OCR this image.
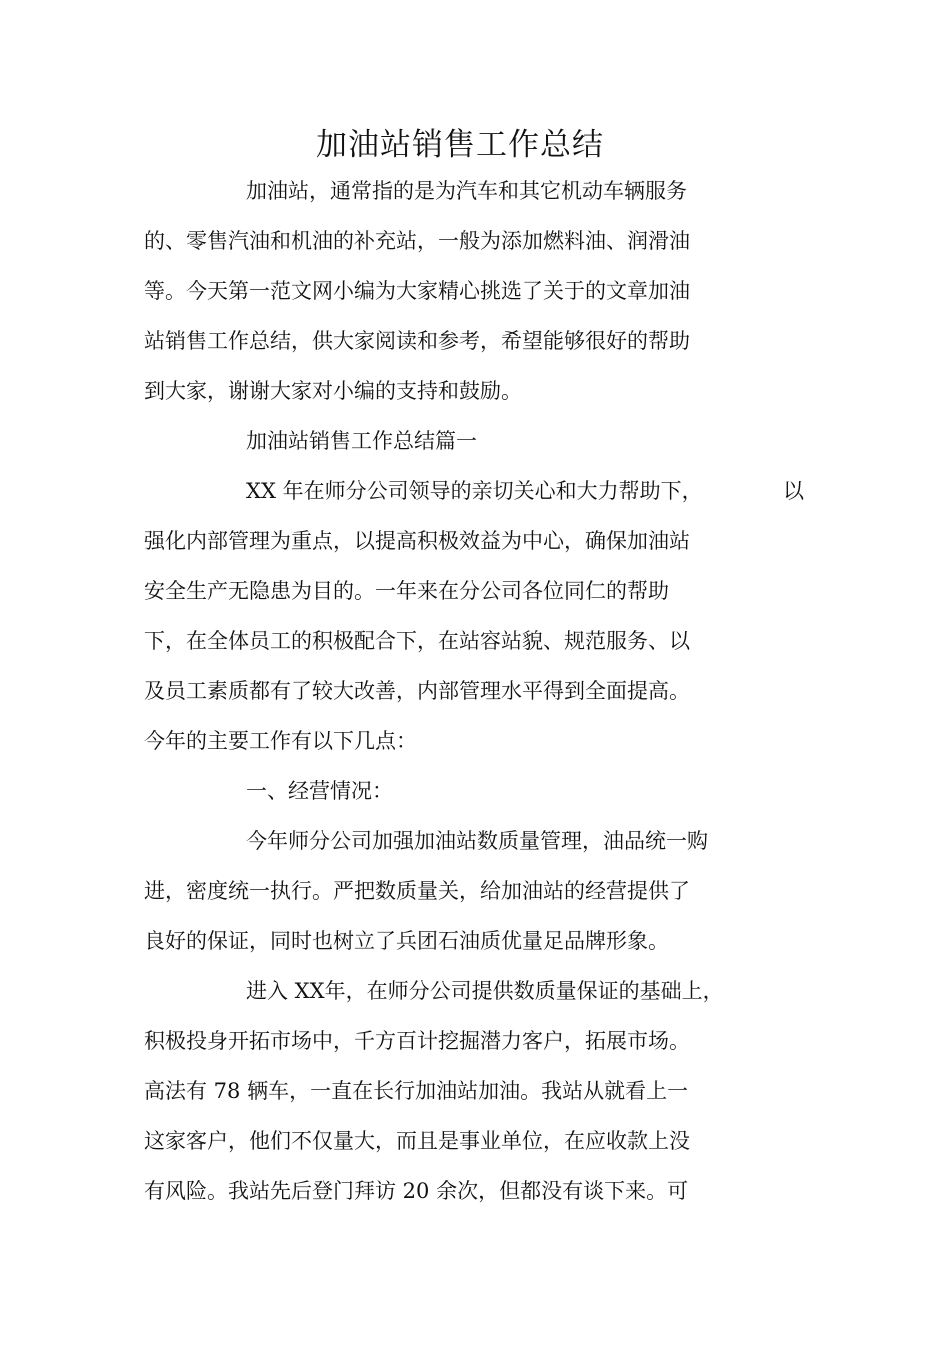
加油站销售工作总结

加油站，通常指的是为汽车和其它机动车辆服务

的、零售汽油和机油的补充站，一般为添加燃料油、润滑油

等。今天第一范文网小编为大家精心挑选了关于的文章加油

站销售工作总结，供大家阅读和参考，希望能够很好的帮助

到大家，谢谢大家对小编的支持和鼓励。

加油站销售工作总结篇一

XX 年在师分公司领导的亲切关心和大力帮助下，	以

强化内部管理为重点，以提高积极效益为中心，确保加油站

安全生产无隐患为目的。一年来在分公司各位同仁的帮助

下，在全体员工的积极配合下，在站容站貌、规范服务、以

及员工素质都有了较大改善，内部管理水平得到全面提高。

今年的主要工作有以下几点：

一、经营情况：

今年师分公司加强加油站数质量管理，油品统一购

进，密度统一执行。严把数质量关，给加油站的经营提供了

良好的保证，同时也树立了兵团石油质优量足品牌形象。

进入 XX年，在师分公司提供数质量保证的基础上，

积极投身开拓市场中，千方百计挖掘潜力客户，拓展市场。

高法有 78 辆车，一直在长行加油站加油。我站从就看上一

这家客户，他们不仅量大，而且是事业单位，在应收款上没

有风险。我站先后登门拜访 20 余次，但都没有谈下来。可
